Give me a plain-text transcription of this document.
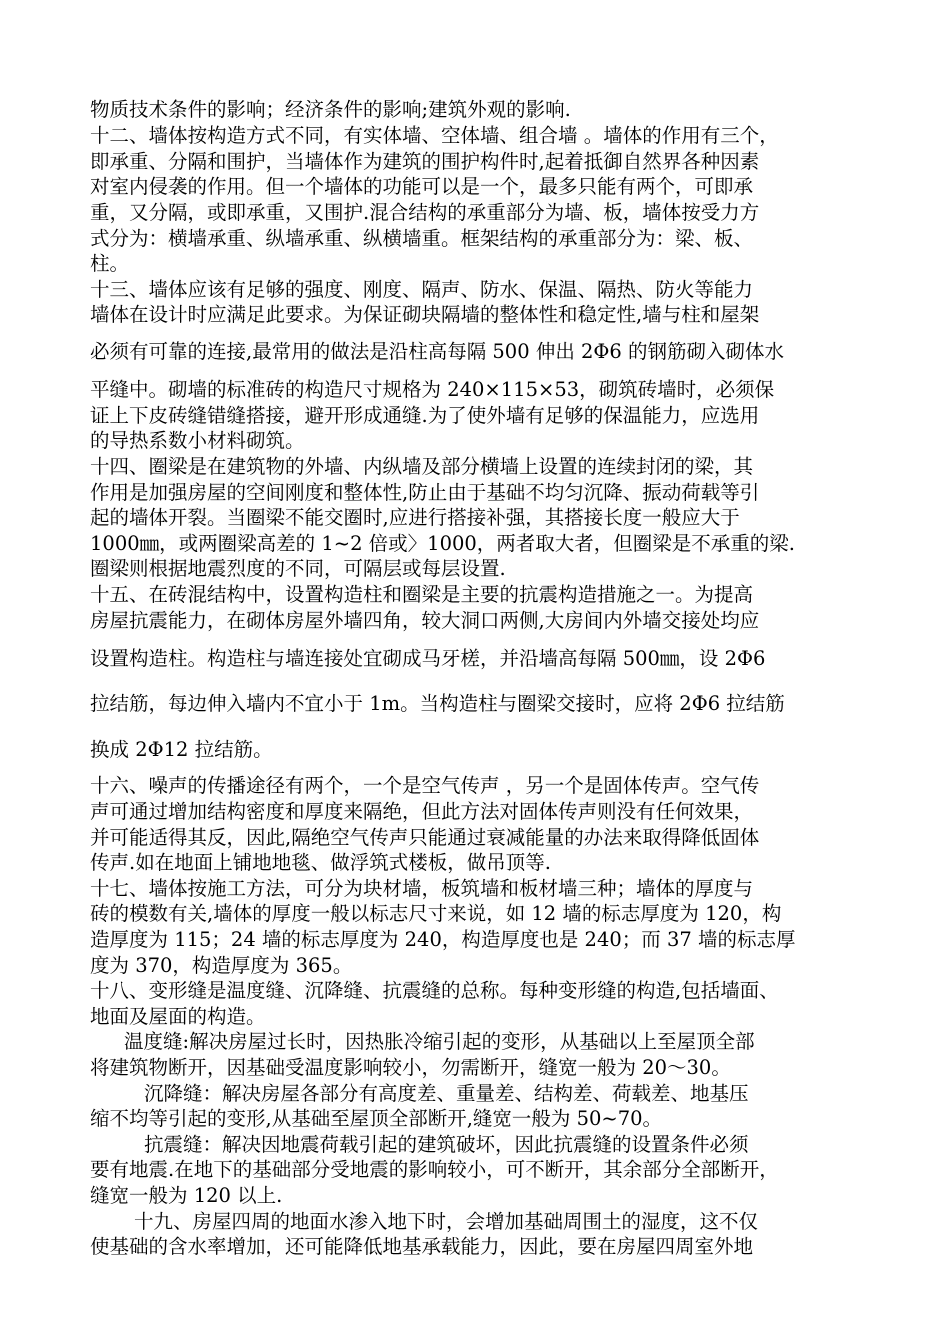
物质技术条件的影响；经济条件的影响;建筑外观的影响.
十二、墙体按构造方式不同，有实体墙、空体墙、组合墙 。墙体的作用有三个，
即承重、分隔和围护，当墙体作为建筑的围护构件时,起着抵御自然界各种因素
对室内侵袭的作用。但一个墙体的功能可以是一个，最多只能有两个，可即承
重，又分隔，或即承重，又围护.混合结构的承重部分为墙、板，墙体按受力方
式分为：横墙承重、纵墙承重、纵横墙重。框架结构的承重部分为：梁、板、
柱。
十三、墙体应该有足够的强度、刚度、隔声、防水、保温、隔热、防火等能力
墙体在设计时应满足此要求。为保证砌块隔墙的整体性和稳定性,墙与柱和屋架
必须有可靠的连接,最常用的做法是沿柱高每隔 500 伸出 2Φ6 的钢筋砌入砌体水
平缝中。砌墙的标准砖的构造尺寸规格为 240×115×53，砌筑砖墙时，必须保
证上下皮砖缝错缝搭接，避开形成通缝.为了使外墙有足够的保温能力，应选用
的导热系数小材料砌筑。
十四、圈梁是在建筑物的外墙、内纵墙及部分横墙上设置的连续封闭的梁，其
作用是加强房屋的空间刚度和整体性,防止由于基础不均匀沉降、振动荷载等引
起的墙体开裂。当圈梁不能交圈时,应进行搭接补强，其搭接长度一般应大于
1000㎜，或两圈梁高差的 1~2 倍或〉1000，两者取大者，但圈梁是不承重的梁.
圈梁则根据地震烈度的不同，可隔层或每层设置.
十五、在砖混结构中，设置构造柱和圈梁是主要的抗震构造措施之一。为提高
房屋抗震能力，在砌体房屋外墙四角，较大洞口两侧,大房间内外墙交接处均应
设置构造柱。构造柱与墙连接处宜砌成马牙槎，并沿墙高每隔 500㎜，设 2Φ6
拉结筋，每边伸入墙内不宜小于 1m。当构造柱与圈梁交接时，应将 2Φ6 拉结筋
换成 2Φ12 拉结筋。
十六、噪声的传播途径有两个，一个是空气传声 ，另一个是固体传声。空气传
声可通过增加结构密度和厚度来隔绝，但此方法对固体传声则没有任何效果，
并可能适得其反，因此,隔绝空气传声只能通过衰减能量的办法来取得降低固体
传声.如在地面上铺地地毯、做浮筑式楼板，做吊顶等.
十七、墙体按施工方法，可分为块材墙，板筑墙和板材墙三种；墙体的厚度与
砖的模数有关,墙体的厚度一般以标志尺寸来说，如 12 墙的标志厚度为 120，构
造厚度为 115；24 墙的标志厚度为 240，构造厚度也是 240；而 37 墙的标志厚
度为 370，构造厚度为 365。
十八、变形缝是温度缝、沉降缝、抗震缝的总称。每种变形缝的构造,包括墙面、
地面及屋面的构造。
温度缝:解决房屋过长时，因热胀冷缩引起的变形，从基础以上至屋顶全部
将建筑物断开，因基础受温度影响较小，勿需断开，缝宽一般为 20～30。
沉降缝：解决房屋各部分有高度差、重量差、结构差、荷载差、地基压
缩不均等引起的变形,从基础至屋顶全部断开,缝宽一般为 50~70。
抗震缝：解决因地震荷载引起的建筑破坏，因此抗震缝的设置条件必须
要有地震.在地下的基础部分受地震的影响较小，可不断开，其余部分全部断开，
缝宽一般为 120 以上.
十九、房屋四周的地面水渗入地下时，会增加基础周围土的湿度，这不仅
使基础的含水率增加，还可能降低地基承载能力，因此，要在房屋四周室外地
